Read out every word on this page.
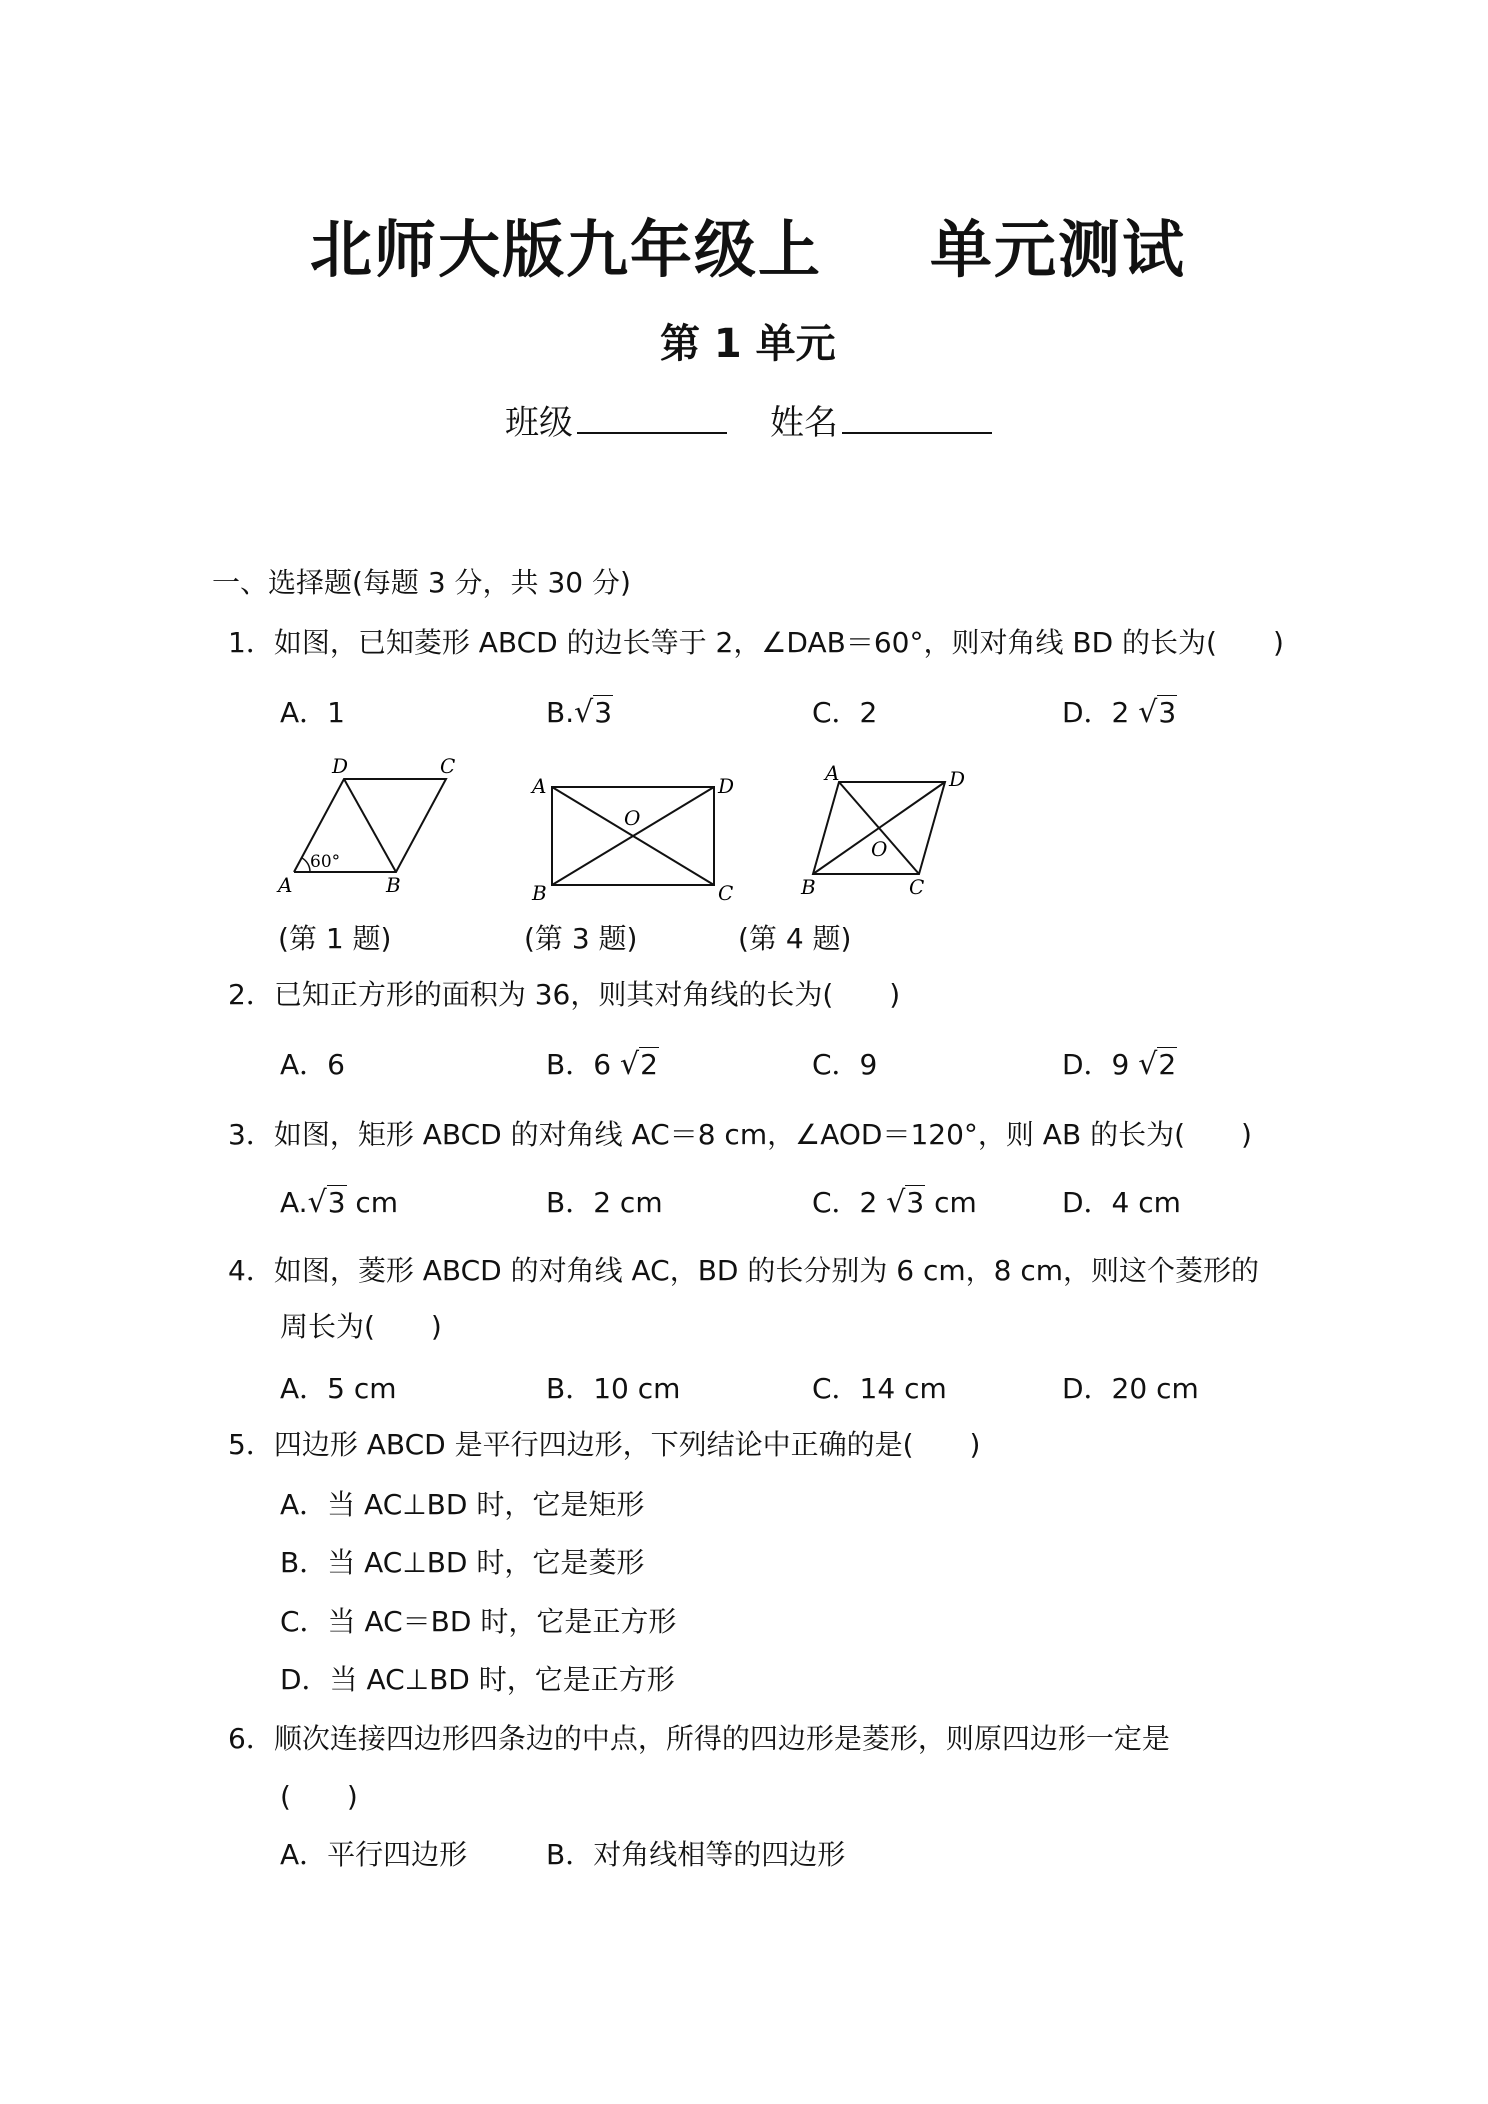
北师大版九年级上 单元测试
第 1 单元
班级	姓名
一、选择题(每题 3 分，共 30 分)
1．如图，已知菱形 ABCD 的边长等于 2，∠DAB＝60°，则对角线 BD 的长为(　　)
A．1	B.√3	C．2	D．2 √3
D	C
A	B
60°
A	D
O
B	C
A	D
O
B	C
(第 1 题)	(第 3 题)	(第 4 题)
2．已知正方形的面积为 36，则其对角线的长为(　　)
A．6	B．6 √2	C．9	D．9 √2
3．如图，矩形 ABCD 的对角线 AC＝8 cm，∠AOD＝120°，则 AB 的长为(　　)
A.√3 cm	B．2 cm	C．2 √3 cm	D．4 cm
4．如图，菱形 ABCD 的对角线 AC，BD 的长分别为 6 cm，8 cm，则这个菱形的
周长为(　　)
A．5 cm	B．10 cm	C．14 cm	D．20 cm
5．四边形 ABCD 是平行四边形，下列结论中正确的是(　　)
A．当 AC⊥BD 时，它是矩形
B．当 AC⊥BD 时，它是菱形
C．当 AC＝BD 时，它是正方形
D．当 AC⊥BD 时，它是正方形
6．顺次连接四边形四条边的中点，所得的四边形是菱形，则原四边形一定是
(　　)
A．平行四边形	B．对角线相等的四边形
